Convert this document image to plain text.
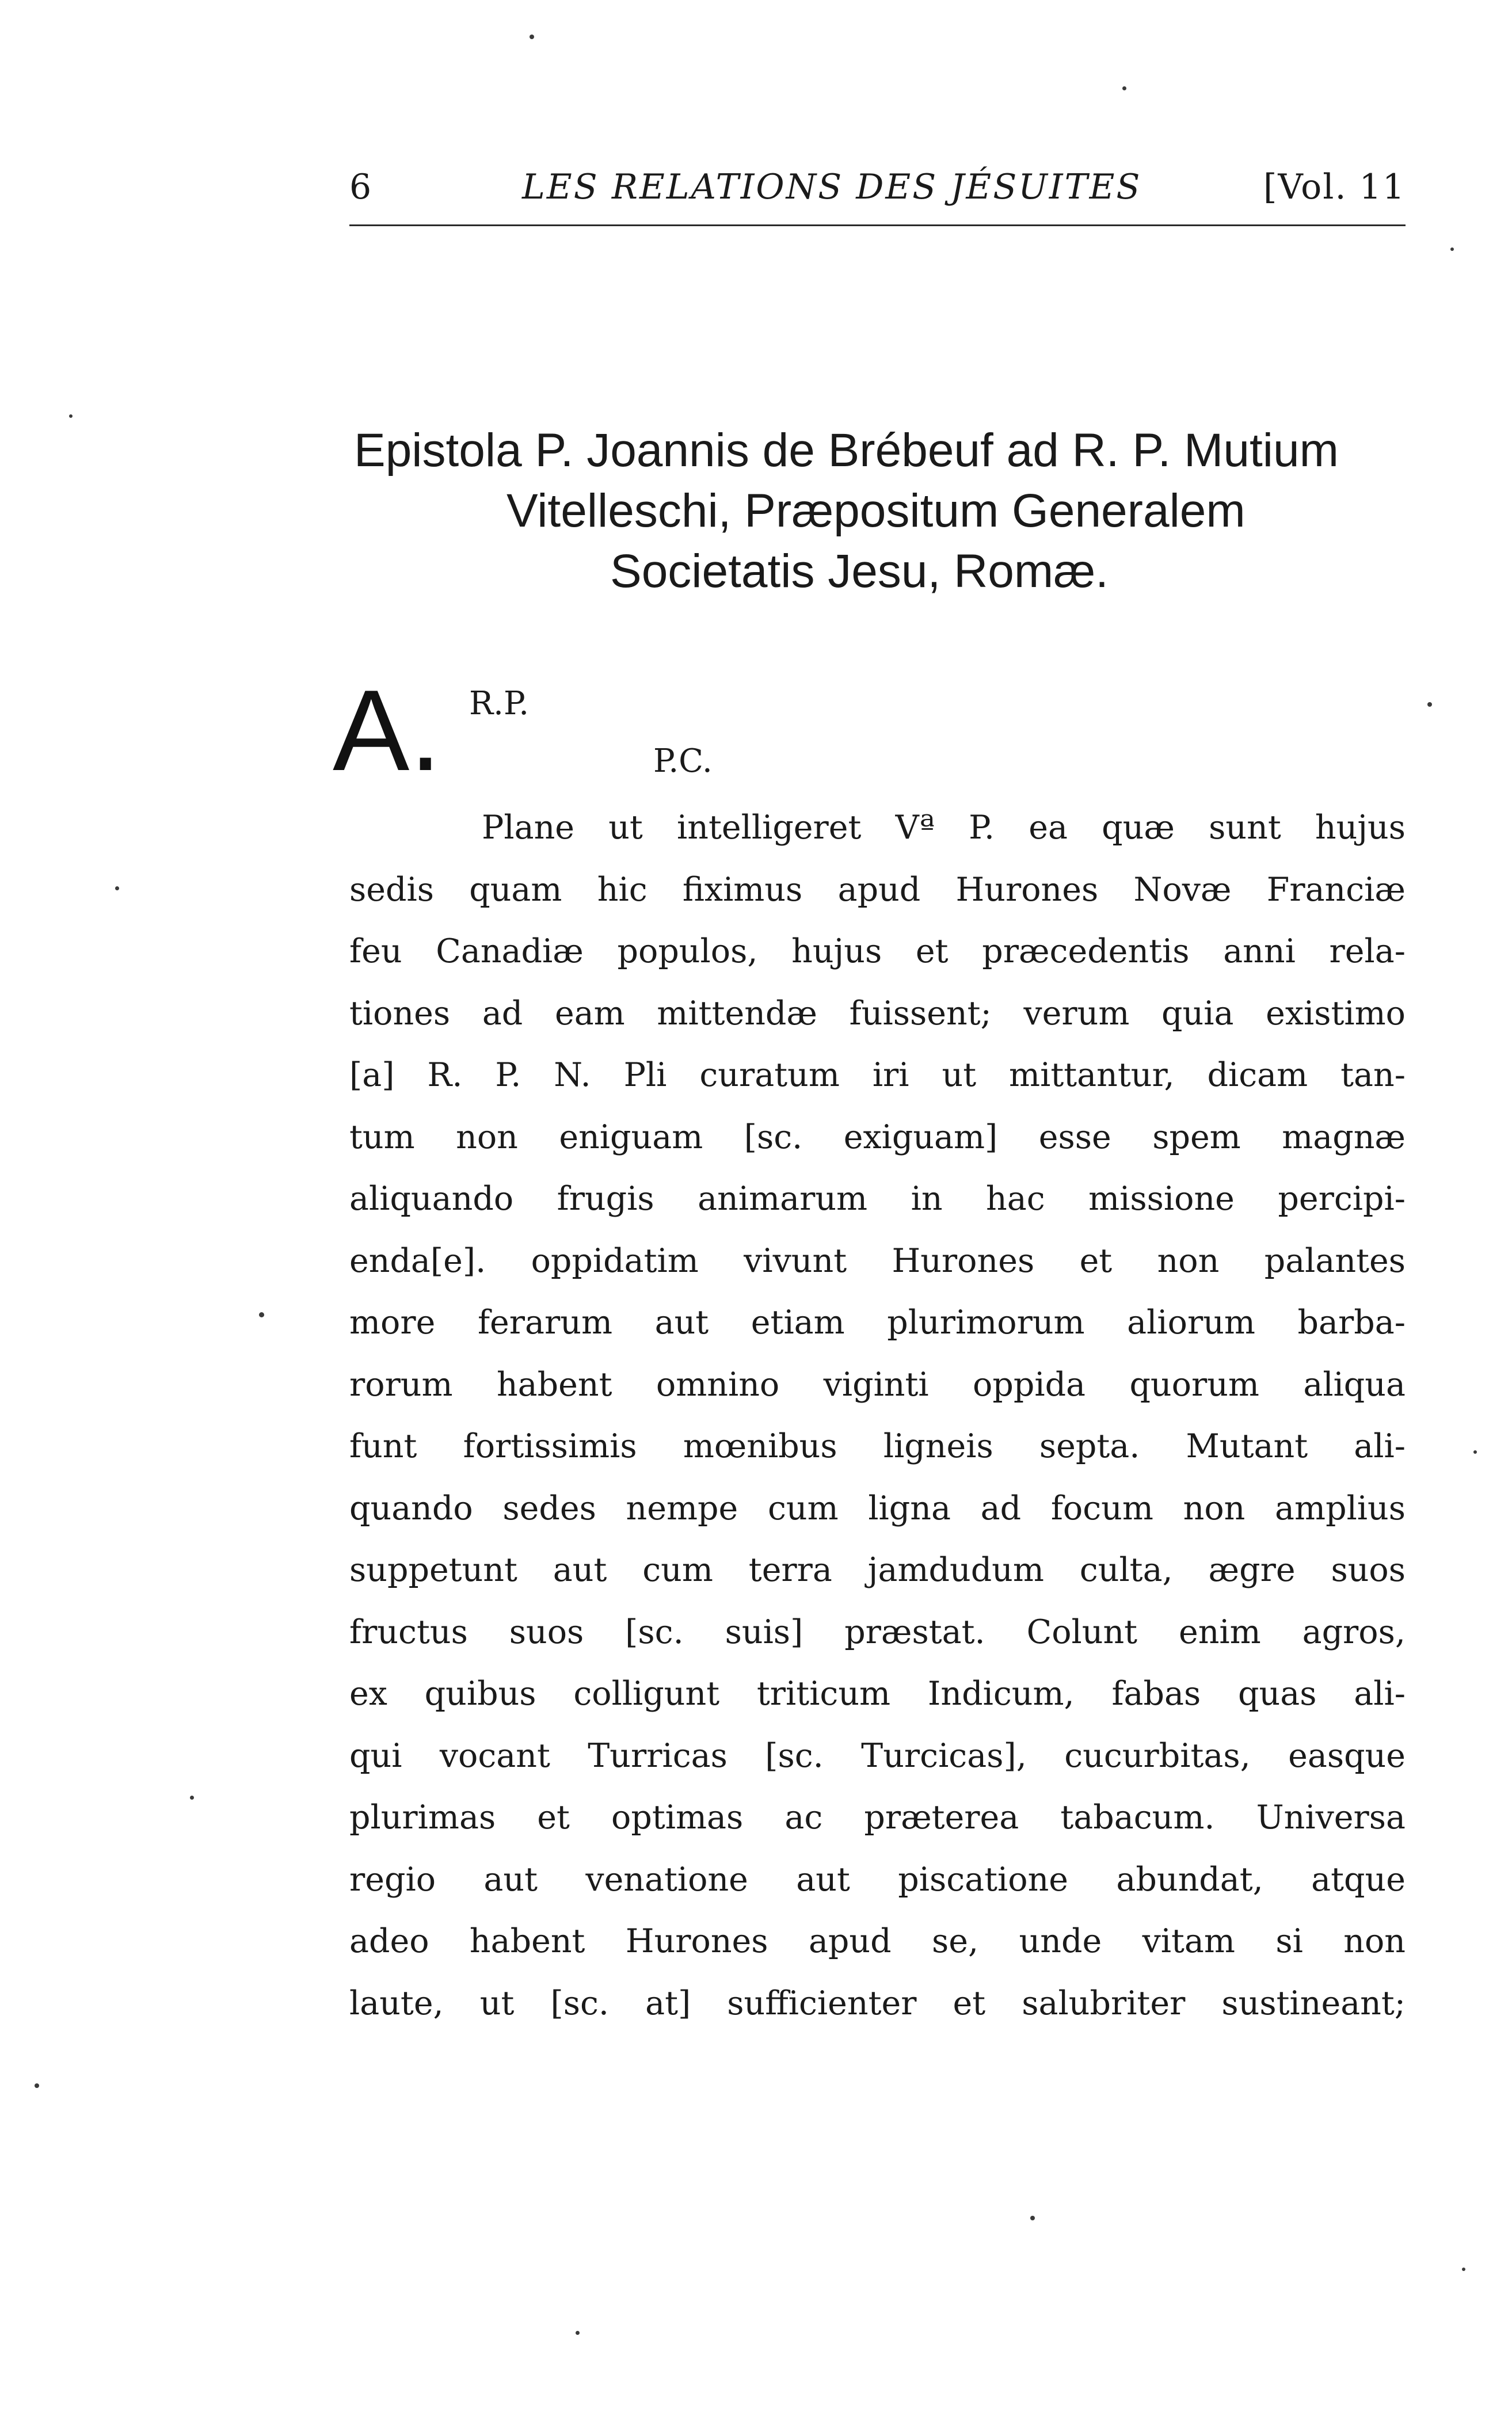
6	LES RELATIONS DES JÉSUITES	[Vol. 11
Epistola P. Joannis de Brébeuf ad R. P. Mutium
Vitelleschi, Præpositum Generalem
Societatis Jesu, Romæ.
A. R.P.
P.C.
Plane ut intelligeret Vª P. ea quæ sunt hujus
sedis quam hic fiximus apud Hurones Novæ Franciæ
feu Canadiæ populos, hujus et præcedentis anni rela-
tiones ad eam mittendæ fuissent; verum quia existimo
[a] R. P. N. Pli curatum iri ut mittantur, dicam tan-
tum non eniguam [sc. exiguam] esse spem magnæ
aliquando frugis animarum in hac missione percipi-
enda[e]. oppidatim vivunt Hurones et non palantes
more ferarum aut etiam plurimorum aliorum barba-
rorum habent omnino viginti oppida quorum aliqua
funt fortissimis mœnibus ligneis septa. Mutant ali-
quando sedes nempe cum ligna ad focum non amplius
suppetunt aut cum terra jamdudum culta, ægre suos
fructus suos [sc. suis] præstat. Colunt enim agros,
ex quibus colligunt triticum Indicum, fabas quas ali-
qui vocant Turricas [sc. Turcicas], cucurbitas, easque
plurimas et optimas ac præterea tabacum. Universa
regio aut venatione aut piscatione abundat, atque
adeo habent Hurones apud se, unde vitam si non
laute, ut [sc. at] sufficienter et salubriter sustineant;
